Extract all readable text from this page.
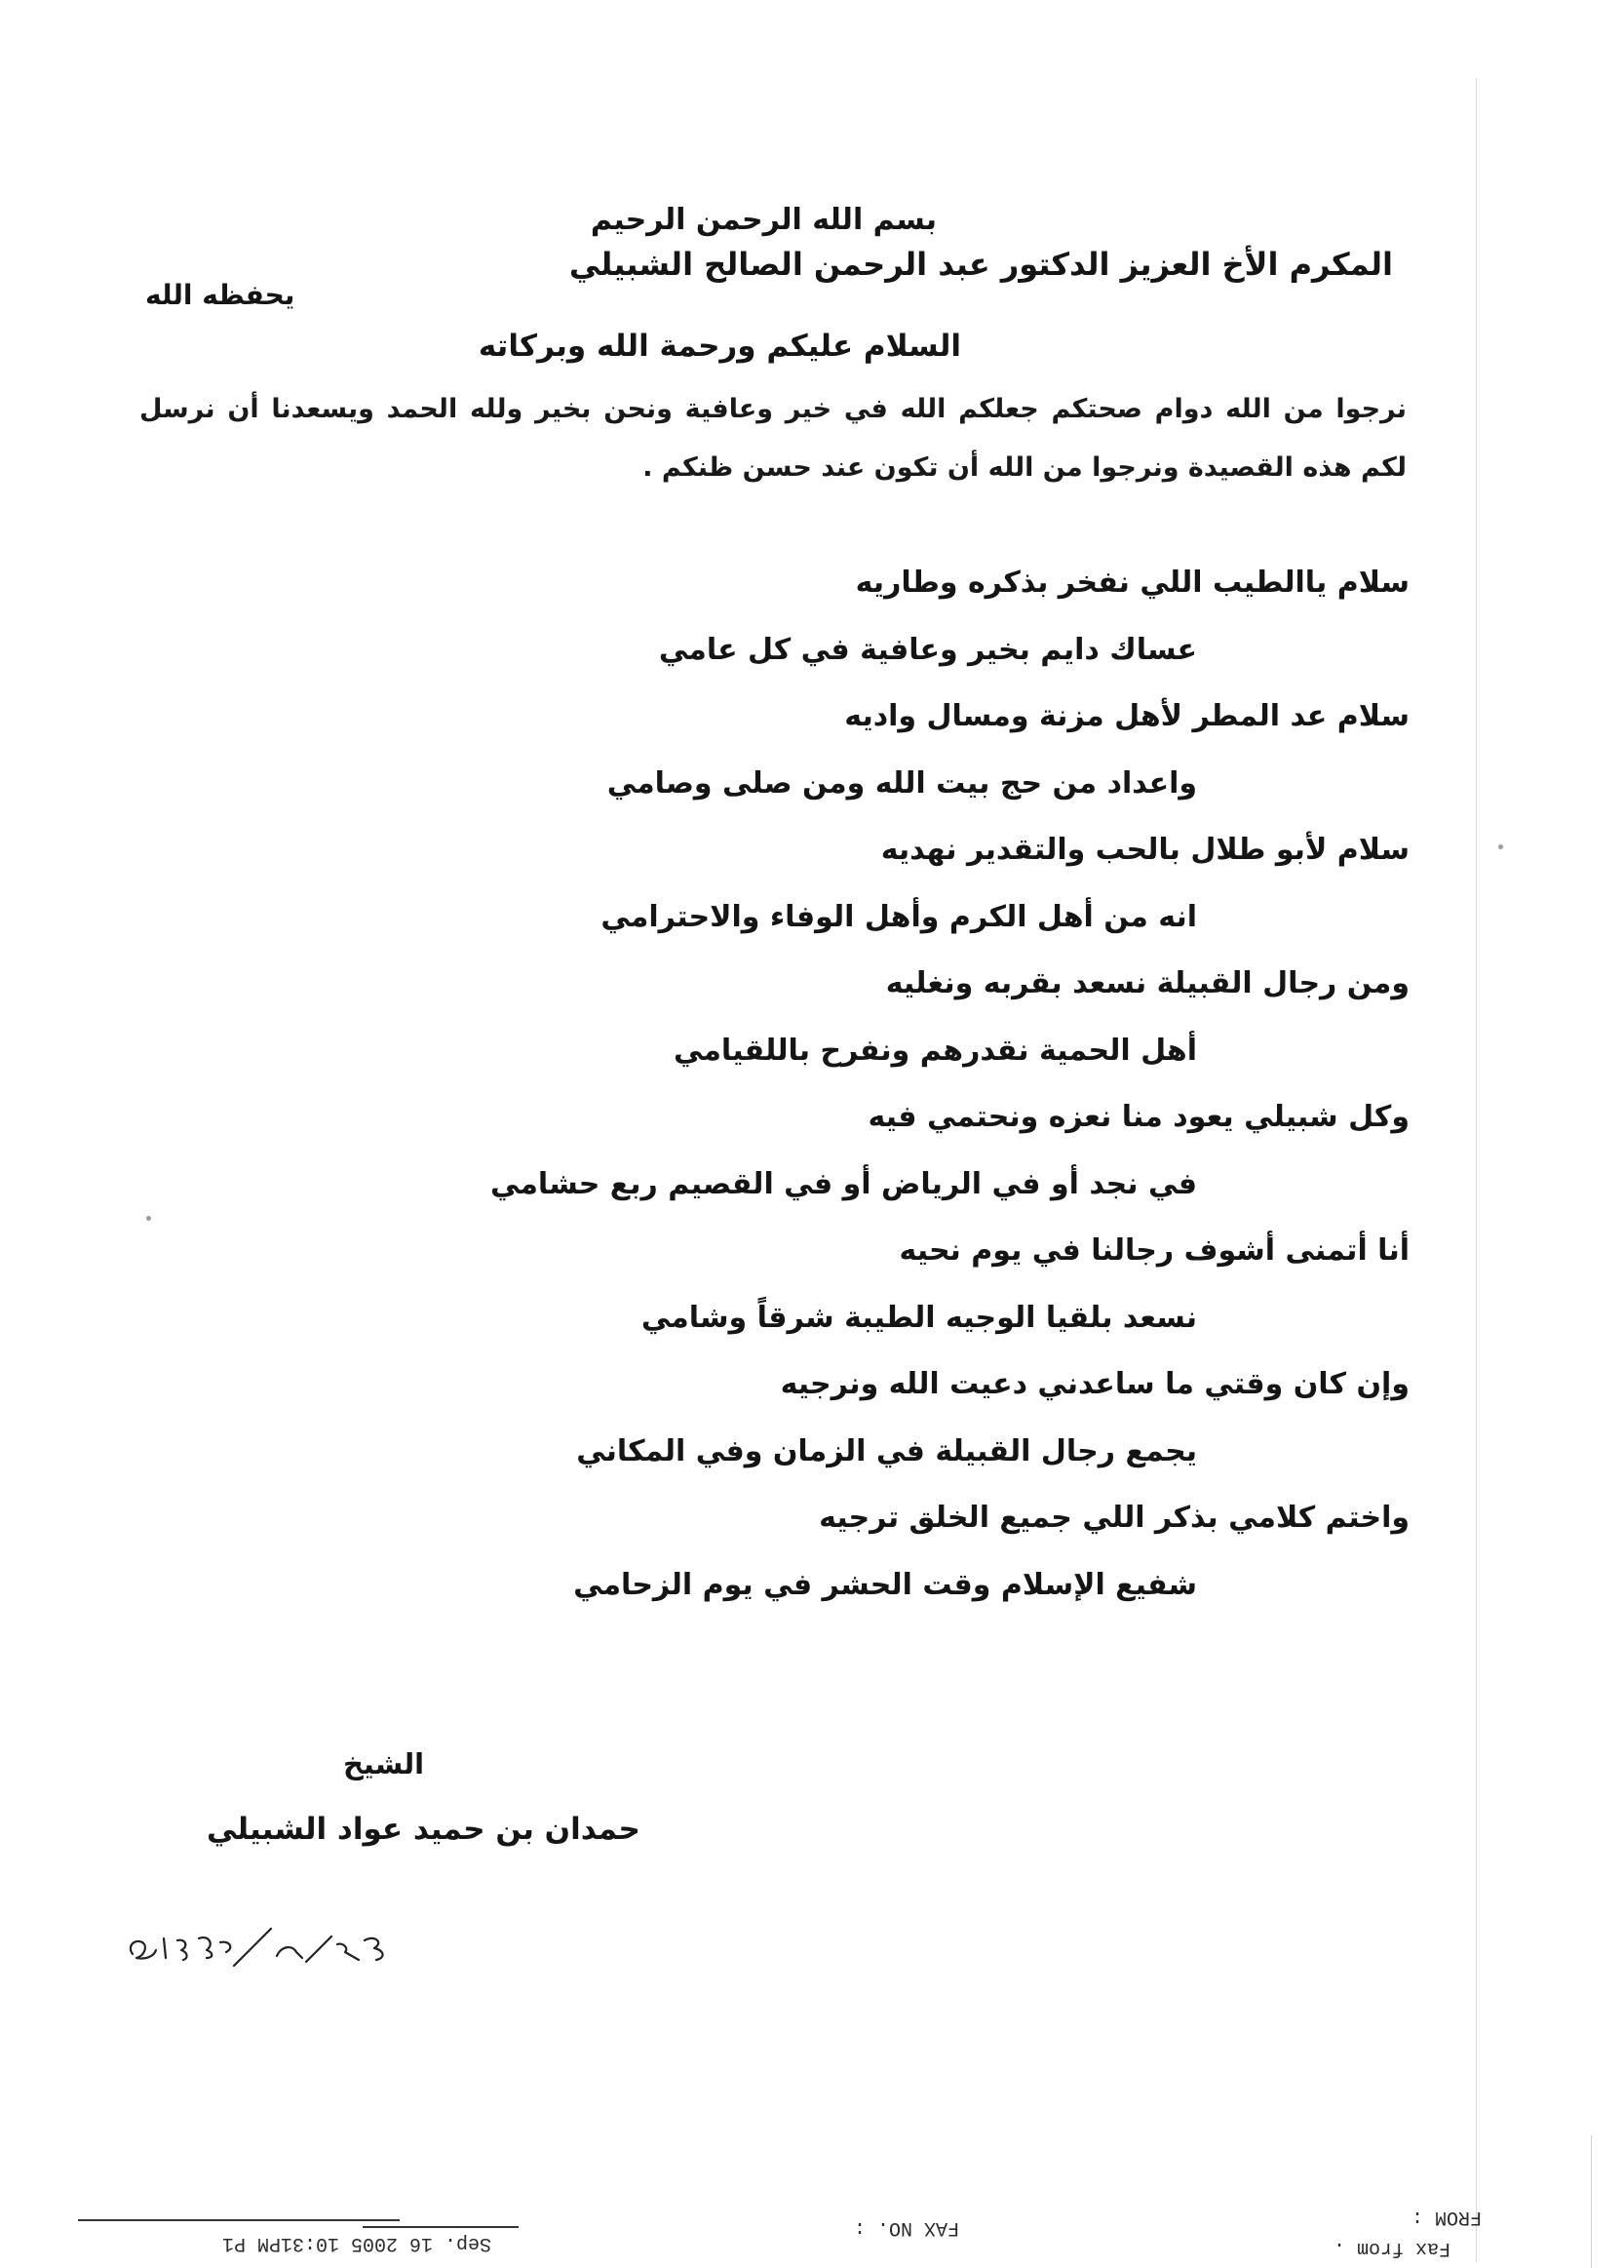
بسم الله الرحمن الرحيم
المكرم الأخ العزيز الدكتور عبد الرحمن الصالح الشبيلي
يحفظه الله
السلام عليكم ورحمة الله وبركاته
نرجوا من الله دوام صحتكم جعلكم الله في خير وعافية ونحن بخير ولله الحمد ويسعدنا أن نرسل لكم هذه القصيدة ونرجوا من الله أن تكون عند حسن ظنكم .
سلام ياالطيب اللي نفخر بذكره وطاريه
عساك دايم بخير وعافية في كل عامي
سلام عد المطر لأهل مزنة ومسال واديه
واعداد من حج بيت الله ومن صلى وصامي
سلام لأبو طلال بالحب والتقدير نهديه
انه من أهل الكرم وأهل الوفاء والاحترامي
ومن رجال القبيلة نسعد بقربه ونغليه
أهل الحمية نقدرهم ونفرح باللقيامي
وكل شبيلي يعود منا نعزه ونحتمي فيه
في نجد أو في الرياض أو في القصيم ربع حشامي
أنا أتمنى أشوف رجالنا في يوم نحيه
نسعد بلقيا الوجيه الطيبة شرقاً وشامي
وإن كان وقتي ما ساعدني دعيت الله ونرجيه
يجمع رجال القبيلة في الزمان وفي المكاني
واختم كلامي بذكر اللي جميع الخلق ترجيه
شفيع الإسلام وقت الحشر في يوم الزحامي
الشيخ
حمدان بن حميد عواد الشبيلي
Sep. 16 2005 10:31PM P1
FAX NO. :	FROM :
Fax from .
